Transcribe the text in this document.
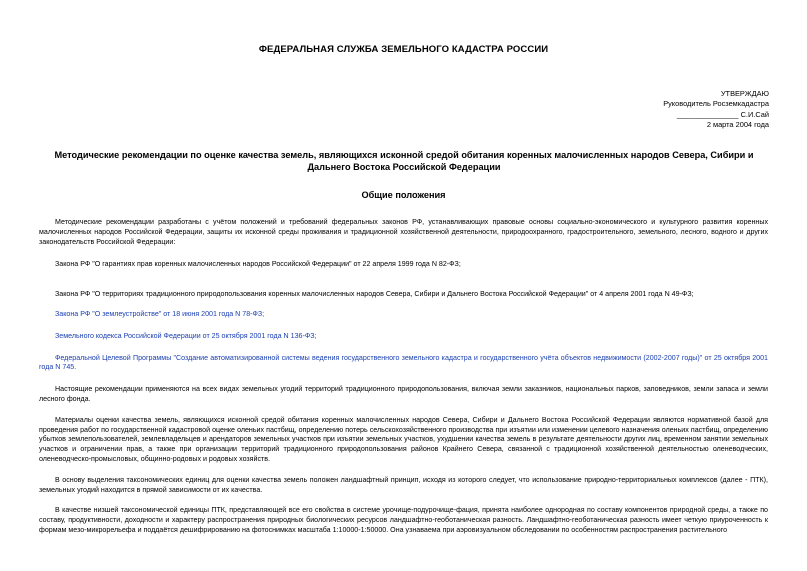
ФЕДЕРАЛЬНАЯ СЛУЖБА ЗЕМЕЛЬНОГО КАДАСТРА РОССИИ
УТВЕРЖДАЮ
Руководитель Росземкадастра
_______________ С.И.Сай
2 марта 2004 года
Методические рекомендации по оценке качества земель, являющихся исконной средой обитания коренных малочисленных народов Севера, Сибири и Дальнего Востока Российской Федерации
Общие положения

Методические рекомендации разработаны с учётом положений и требований федеральных законов РФ, устанавливающих правовые основы социально-экономического и культурного развития коренных малочисленных народов Российской Федерации, защиты их исконной среды проживания и традиционной хозяйственной деятельности, природоохранного, градостроительного, земельного, лесного, водного и других законодательств Российской Федерации:

Закона РФ "О гарантиях прав коренных малочисленных народов Российской Федерации" от 22 апреля 1999 года N 82-ФЗ;

Закона РФ "О территориях традиционного природопользования коренных малочисленных народов Севера, Сибири и Дальнего Востока Российской Федерации" от 4 апреля 2001 года N 49-ФЗ;

Закона РФ "О землеустройстве" от 18 июня 2001 года N 78-ФЗ;

Земельного кодекса Российской Федерации от 25 октября 2001 года N 136-ФЗ;

Федеральной Целевой Программы "Создание автоматизированной системы ведения государственного земельного кадастра и государственного учёта объектов недвижимости (2002-2007 годы)" от 25 октября 2001 года N 745.

Настоящие рекомендации применяются на всех видах земельных угодий территорий традиционного природопользования, включая земли заказников, национальных парков, заповедников, земли запаса и земли лесного фонда.

Материалы оценки качества земель, являющихся исконной средой обитания коренных малочисленных народов Севера, Сибири и Дальнего Востока Российской Федерации являются нормативной базой для проведения работ по государственной кадастровой оценке оленьих пастбищ, определению потерь сельскохозяйственного производства при изъятии или изменении целевого назначения оленьих пастбищ, определению убытков землепользователей, землевладельцев и арендаторов земельных участков при изъятии земельных участков, ухудшении качества земель в результате деятельности других лиц, временном занятии земельных участков и ограничении прав, а также при организации территорий традиционного природопользования районов Крайнего Севера, связанной с традиционной хозяйственной деятельностью оленеводческих, оленеводческо-промысловых, общинно-родовых и родовых хозяйств.

В основу выделения таксономических единиц для оценки качества земель положен ландшафтный принцип, исходя из которого следует, что использование природно-территориальных комплексов (далее - ПТК), земельных угодий находится в прямой зависимости от их качества.

В качестве низшей таксономической единицы ПТК, представляющей все его свойства в системе урочище-подурочище-фация, принята наиболее однородная по составу компонентов природной среды, а также по составу, продуктивности, доходности и характеру распространения природных биологических ресурсов ландшафтно-геоботаническая разность. Ландшафтно-геоботаническая разность имеет четкую приуроченность к формам мезо-микрорельефа и поддаётся дешифрированию на фотоснимках масштаба 1:10000-1:50000. Она узнаваема при аэровизуальном обследовании по особенностям распространения растительного
